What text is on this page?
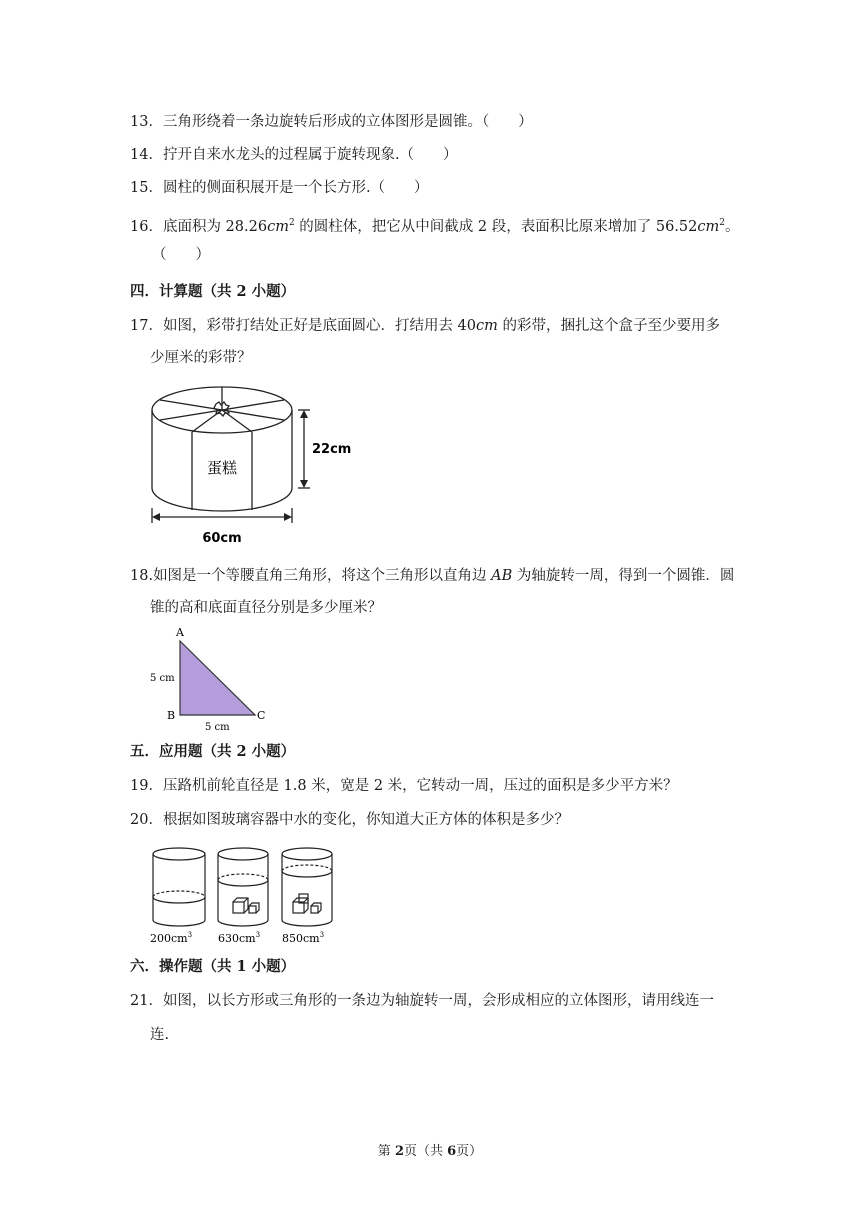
13．三角形绕着一条边旋转后形成的立体图形是圆锥。（　　）
14．拧开自来水龙头的过程属于旋转现象.（　　）
15．圆柱的侧面积展开是一个长方形.（　　）
16．底面积为 $28.26cm^2$ 的圆柱体，把它从中间截成 2 段，表面积比原来增加了 $56.52cm^2$。
（　　）
四．计算题（共 2 小题）
17．如图，彩带打结处正好是底面圆心．打结用去 40cm 的彩带，捆扎这个盒子至少要用多
少厘米的彩带？
蛋糕
22cm
60cm
18.如图是一个等腰直角三角形，将这个三角形以直角边 AB 为轴旋转一周，得到一个圆锥．圆
锥的高和底面直径分别是多少厘米？
A
B	C
5 cm
5 cm
五．应用题（共 2 小题）
19．压路机前轮直径是 1.8 米，宽是 2 米，它转动一周，压过的面积是多少平方米？
20．根据如图玻璃容器中水的变化，你知道大正方体的体积是多少？
$200cm^3$ $630cm^3$ $850cm^3$
六．操作题（共 1 小题）
21．如图，以长方形或三角形的一条边为轴旋转一周，会形成相应的立体图形，请用线连一
连.
第 2页（共 6页）
